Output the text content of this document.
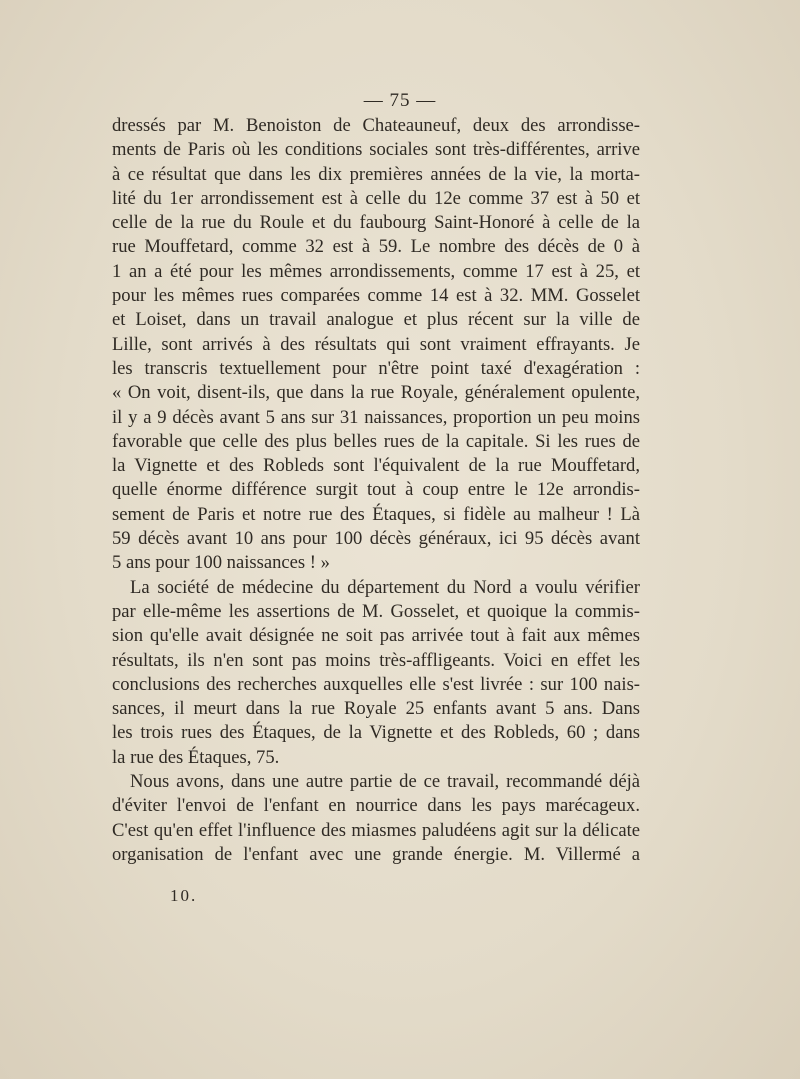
— 75 —
dressés par M. Benoiston de Chateauneuf, deux des arrondisse-
ments de Paris où les conditions sociales sont très-différentes, arrive
à ce résultat que dans les dix premières années de la vie, la morta-
lité du 1er arrondissement est à celle du 12e comme 37 est à 50 et
celle de la rue du Roule et du faubourg Saint-Honoré à celle de la
rue Mouffetard, comme 32 est à 59. Le nombre des décès de 0 à
1 an a été pour les mêmes arrondissements, comme 17 est à 25, et
pour les mêmes rues comparées comme 14 est à 32. MM. Gosselet
et Loiset, dans un travail analogue et plus récent sur la ville de
Lille, sont arrivés à des résultats qui sont vraiment effrayants. Je
les transcris textuellement pour n'être point taxé d'exagération :
« On voit, disent-ils, que dans la rue Royale, généralement opulente,
il y a 9 décès avant 5 ans sur 31 naissances, proportion un peu moins
favorable que celle des plus belles rues de la capitale. Si les rues de
la Vignette et des Robleds sont l'équivalent de la rue Mouffetard,
quelle énorme différence surgit tout à coup entre le 12e arrondis-
sement de Paris et notre rue des Étaques, si fidèle au malheur ! Là
59 décès avant 10 ans pour 100 décès généraux, ici 95 décès avant
5 ans pour 100 naissances ! »
La société de médecine du département du Nord a voulu vérifier
par elle-même les assertions de M. Gosselet, et quoique la commis-
sion qu'elle avait désignée ne soit pas arrivée tout à fait aux mêmes
résultats, ils n'en sont pas moins très-affligeants. Voici en effet les
conclusions des recherches auxquelles elle s'est livrée : sur 100 nais-
sances, il meurt dans la rue Royale 25 enfants avant 5 ans. Dans
les trois rues des Étaques, de la Vignette et des Robleds, 60 ; dans
la rue des Étaques, 75.
Nous avons, dans une autre partie de ce travail, recommandé déjà
d'éviter l'envoi de l'enfant en nourrice dans les pays marécageux.
C'est qu'en effet l'influence des miasmes paludéens agit sur la délicate
organisation de l'enfant avec une grande énergie. M. Villermé a
10.
